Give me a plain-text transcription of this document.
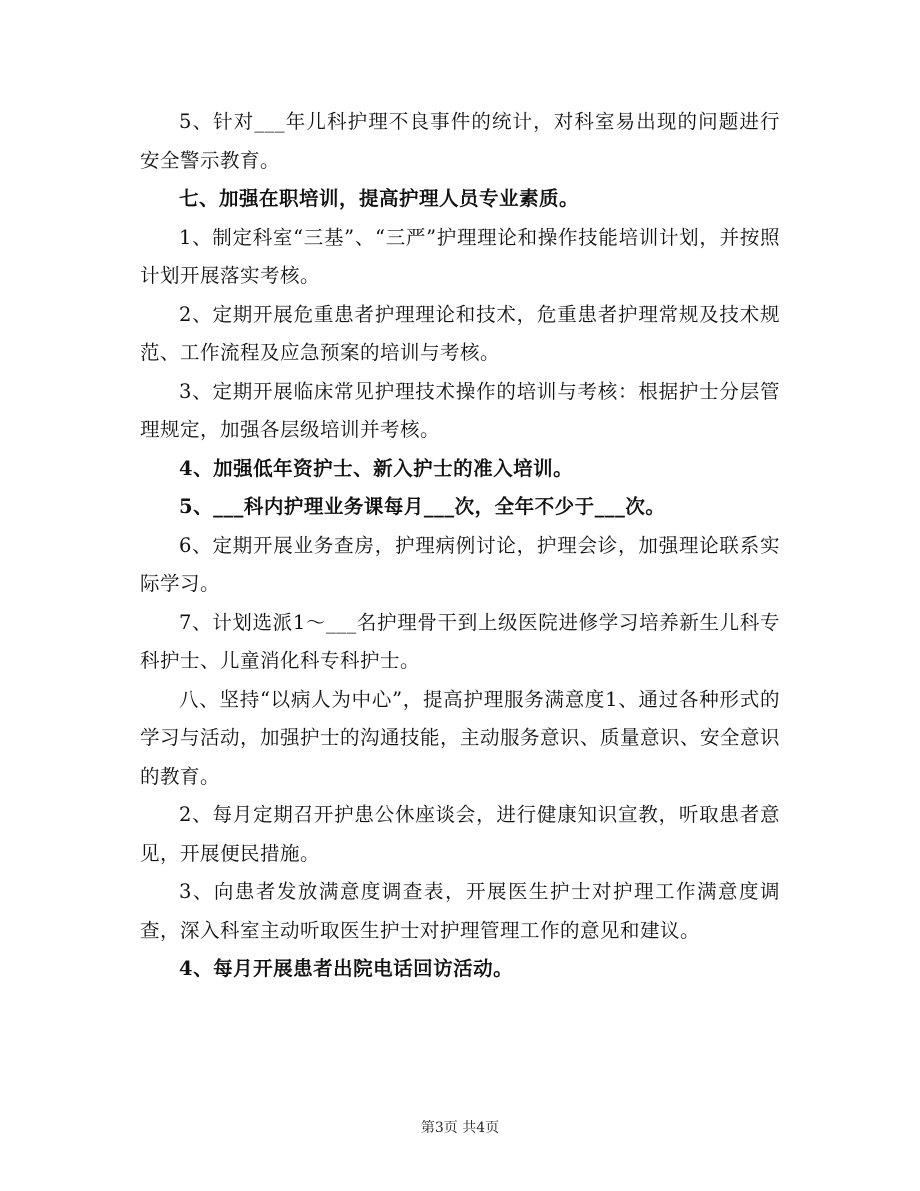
5、针对___年儿科护理不良事件的统计，对科室易出现的问题进行安全警示教育。

七、加强在职培训，提高护理人员专业素质。

1、制定科室“三基”、“三严”护理理论和操作技能培训计划，并按照计划开展落实考核。

2、定期开展危重患者护理理论和技术，危重患者护理常规及技术规范、工作流程及应急预案的培训与考核。

3、定期开展临床常见护理技术操作的培训与考核：根据护士分层管理规定，加强各层级培训并考核。

4、加强低年资护士、新入护士的准入培训。

5、___科内护理业务课每月___次，全年不少于___次。

6、定期开展业务查房，护理病例讨论，护理会诊，加强理论联系实际学习。

7、计划选派1～___名护理骨干到上级医院进修学习培养新生儿科专科护士、儿童消化科专科护士。

八、坚持“以病人为中心”，提高护理服务满意度1、通过各种形式的学习与活动，加强护士的沟通技能，主动服务意识、质量意识、安全意识的教育。

2、每月定期召开护患公休座谈会，进行健康知识宣教，听取患者意见，开展便民措施。

3、向患者发放满意度调查表，开展医生护士对护理工作满意度调查，深入科室主动听取医生护士对护理管理工作的意见和建议。

4、每月开展患者出院电话回访活动。

第3页 共4页
